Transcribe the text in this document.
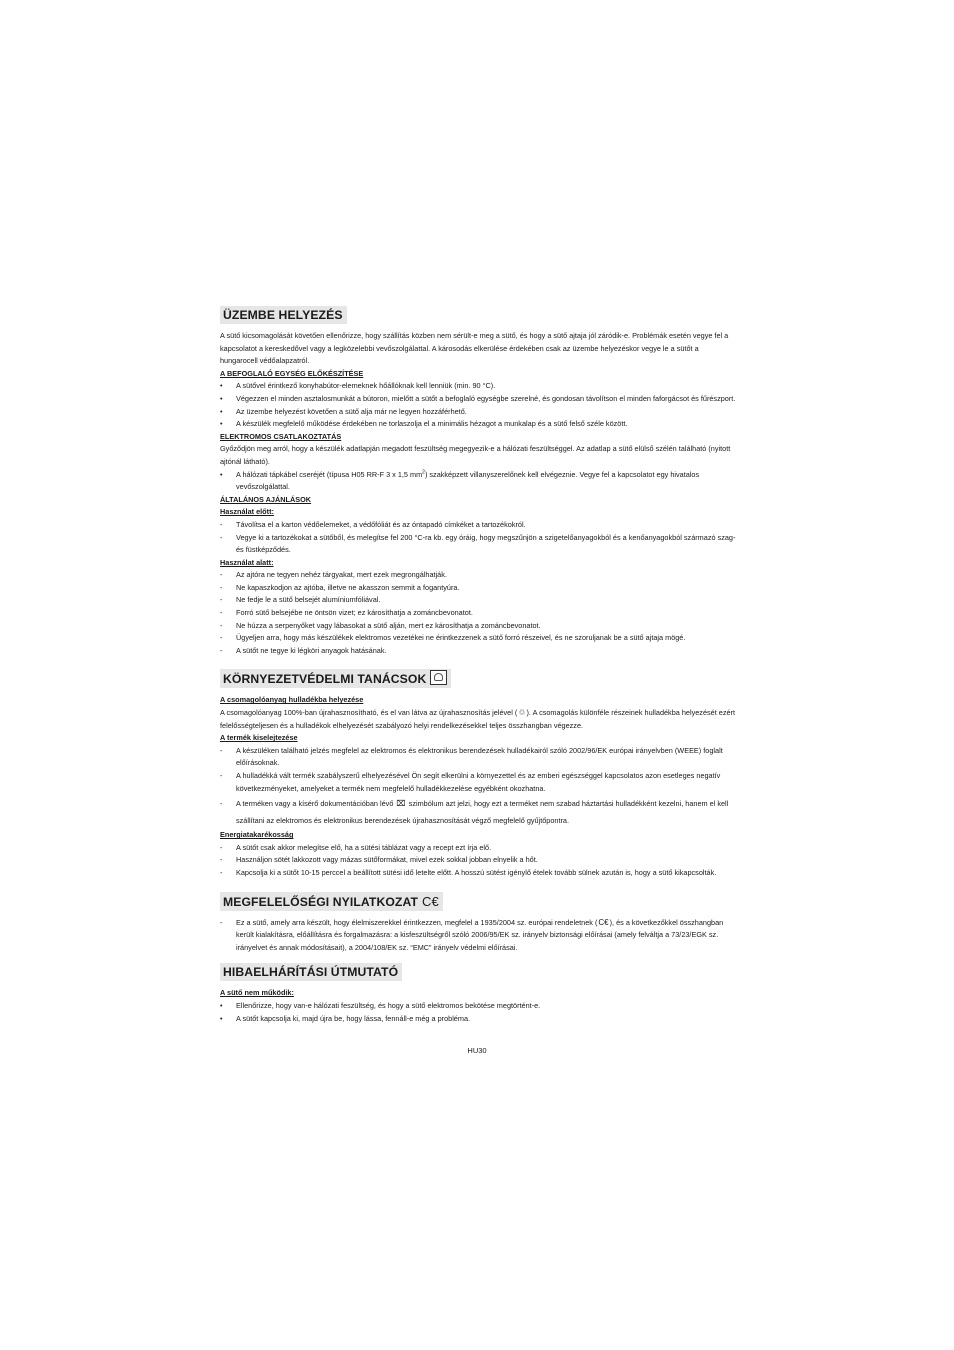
ÜZEMBE HELYEZÉS

A sütő kicsomagolását követően ellenőrizze, hogy szállítás közben nem sérült-e meg a sütő, és hogy a sütő ajtaja jól záródik-e. Problémák esetén vegye fel a kapcsolatot a kereskedővel vagy a legközelebbi vevőszolgálattal. A károsodás elkerülése érdekében csak az üzembe helyezéskor vegye le a sütőt a hungarocell védőalapzatról.

A BEFOGLALÓ EGYSÉG ELŐKÉSZÍTÉSE
• A sütővel érintkező konyhabútor-elemeknek hőállóknak kell lenniük (min. 90 °C).
• Végezzen el minden asztalosmunkát a bútoron, mielőtt a sütőt a befoglaló egységbe szerelné, és gondosan távolítson el minden faforgácsot és fűrészport.
• Az üzembe helyezést követően a sütő alja már ne legyen hozzáférhető.
• A készülék megfelelő működése érdekében ne torlaszolja el a minimális hézagot a munkalap és a sütő felső széle között.
ELEKTROMOS CSATLAKOZTATÁS

Győződjön meg arról, hogy a készülék adatlapján megadott feszültség megegyezik-e a hálózati feszültséggel. Az adatlap a sütő elülső szélén található (nyitott ajtónál látható).

• A hálózati tápkábel cseréjét (típusa H05 RR-F 3 x 1,5 $mm^2$) szakképzett villanyszerelőnek kell elvégeznie. Vegye fel a kapcsolatot egy hivatalos vevőszolgálattal.
ÁLTALÁNOS AJÁNLÁSOK
Használat előtt:
- Távolítsa el a karton védőelemeket, a védőfóliát és az óntapadó címkéket a tartozékokról.
- Vegye ki a tartozékokat a sütőből, és melegítse fel 200 °C-ra kb. egy óráig, hogy megszűnjön a szigetelőanyagokból és a kenőanyagokból származó szag- és füstképződés.
Használat alatt:
- Az ajtóra ne tegyen nehéz tárgyakat, mert ezek megrongálhatják.
- Ne kapaszkodjon az ajtóba, illetve ne akasszon semmit a fogantyúra.
- Ne fedje le a sütő belsejét alumíniumfóliával.
- Forró sütő belsejébe ne öntsön vizet; ez károsíthatja a zománcbevonatot.
- Ne húzza a serpenyőket vagy lábasokat a sütő alján, mert ez károsíthatja a zománcbevonatot.
- Ügyeljen arra, hogy más készülékek elektromos vezetékei ne érintkezzenek a sütő forró részeivel, és ne szoruljanak be a sütő ajtaja mögé.
- A sütőt ne tegye ki légköri anyagok hatásának.
KÖRNYEZETVÉDELMI TANÁCSOK
A csomagolóanyag hulladékba helyezése

A csomagolóanyag 100%-ban újrahasznosítható, és el van látva az újrahasznosítás jelével (♲). A csomagolás különféle részeinek hulladékba helyezését ezért felelősségteljesen és a hulladékok elhelyezését szabályozó helyi rendelkezésekkel teljes összhangban végezze.

A termék kiselejtezése
- A készüléken található jelzés megfelel az elektromos és elektronikus berendezések hulladékairól szóló 2002/96/EK európai irányelvben (WEEE) foglalt előírásoknak.
- A hulladékká vált termék szabályszerű elhelyezésével Ön segít elkerülni a környezettel és az emberi egészséggel kapcsolatos azon esetleges negatív következményeket, amelyeket a termék nem megfelelő hulladékkezelése egyébként okozhatna.
- A terméken vagy a kísérő dokumentációban lévő ⌧ szimbólum azt jelzi, hogy ezt a terméket nem szabad háztartási hulladékként kezelni, hanem el kell szállítani az elektromos és elektronikus berendezések újrahasznosítását végző megfelelő gyűjtőpontra.
Energiatakarékosság
- A sütőt csak akkor melegítse elő, ha a sütési táblázat vagy a recept ezt írja elő.
- Használjon sötét lakkozott vagy mázas sütőformákat, mivel ezek sokkal jobban elnyelik a hőt.
- Kapcsolja ki a sütőt 10-15 perccel a beállított sütési idő letelte előtt. A hosszú sütést igénylő ételek tovább sülnek azután is, hogy a sütő kikapcsolták.
MEGFELELŐSÉGI NYILATKOZAT C€
- Ez a sütő, amely arra készült, hogy élelmiszerekkel érintkezzen, megfelel a 1935/2004 sz. európai rendeletnek (C€), és a következőkkel összhangban került kialakításra, előállításra és forgalmazásra: a kisfeszültségről szóló 2006/95/EK sz. irányelv biztonsági előírásai (amely felváltja a 73/23/EGK sz. irányelvet és annak módosításait), a 2004/108/EK sz. “EMC” irányelv védelmi előírásai.
HIBAELHÁRÍTÁSI ÚTMUTATÓ
A sütő nem működik:
• Ellenőrizze, hogy van-e hálózati feszültség, és hogy a sütő elektromos bekötése megtörtént-e.
• A sütőt kapcsolja ki, majd újra be, hogy lássa, fennáll-e még a probléma.
HU30
